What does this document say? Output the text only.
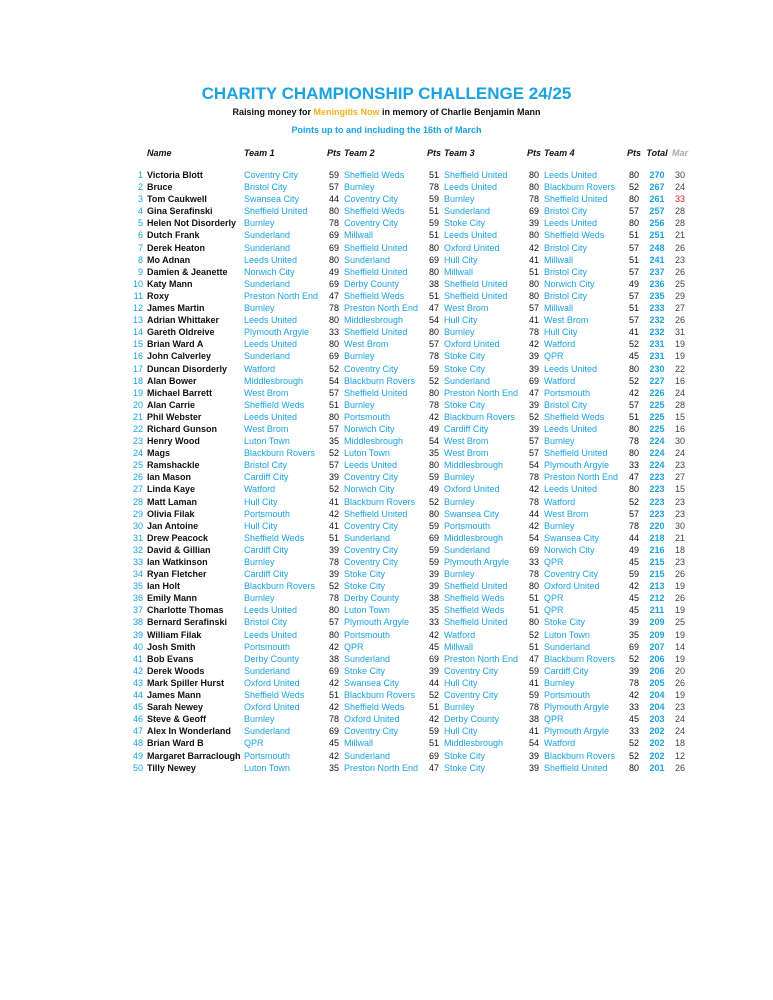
CHARITY CHAMPIONSHIP CHALLENGE 24/25
Raising money for Meningitis Now in memory of Charlie Benjamin Mann
Points up to and including the 16th of March
	Name	Team 1	Pts	Team 2	Pts	Team 3	Pts	Team 4	Pts	Total	Mar

1	Victoria Blott	Coventry City	59	Sheffield Weds	51	Sheffield United	80	Leeds United	80	270	30
2	Bruce	Bristol City	57	Burnley	78	Leeds United	80	Blackburn Rovers	52	267	24
3	Tom Caukwell	Swansea City	44	Coventry City	59	Burnley	78	Sheffield United	80	261	33
4	Gina Serafinski	Sheffield United	80	Sheffield Weds	51	Sunderland	69	Bristol City	57	257	28
5	Helen Not Disorderly	Burnley	78	Coventry City	59	Stoke City	39	Leeds United	80	256	28
6	Dutch Frank	Sunderland	69	Millwall	51	Leeds United	80	Sheffield Weds	51	251	21
7	Derek Heaton	Sunderland	69	Sheffield United	80	Oxford United	42	Bristol City	57	248	26
8	Mo Adnan	Leeds United	80	Sunderland	69	Hull City	41	Millwall	51	241	23
9	Damien & Jeanette	Norwich City	49	Sheffield United	80	Millwall	51	Bristol City	57	237	26
10	Katy Mann	Sunderland	69	Derby County	38	Sheffield United	80	Norwich City	49	236	25
11	Roxy	Preston North End	47	Sheffield Weds	51	Sheffield United	80	Bristol City	57	235	29
12	James Martin	Burnley	78	Preston North End	47	West Brom	57	Millwall	51	233	27
13	Adrian Whittaker	Leeds United	80	Middlesbrough	54	Hull City	41	West Brom	57	232	26
14	Gareth Oldreive	Plymouth Argyle	33	Sheffield United	80	Burnley	78	Hull City	41	232	31
15	Brian Ward A	Leeds United	80	West Brom	57	Oxford United	42	Watford	52	231	19
16	John Calverley	Sunderland	69	Burnley	78	Stoke City	39	QPR	45	231	19
17	Duncan Disorderly	Watford	52	Coventry City	59	Stoke City	39	Leeds United	80	230	22
18	Alan Bower	Middlesbrough	54	Blackburn Rovers	52	Sunderland	69	Watford	52	227	16
19	Michael Barrett	West Brom	57	Sheffield United	80	Preston North End	47	Portsmouth	42	226	24
20	Alan Carrie	Sheffield Weds	51	Burnley	78	Stoke City	39	Bristol City	57	225	28
21	Phil Webster	Leeds United	80	Portsmouth	42	Blackburn Rovers	52	Sheffield Weds	51	225	15
22	Richard Gunson	West Brom	57	Norwich City	49	Cardiff City	39	Leeds United	80	225	16
23	Henry Wood	Luton Town	35	Middlesbrough	54	West Brom	57	Burnley	78	224	30
24	Mags	Blackburn Rovers	52	Luton Town	35	West Brom	57	Sheffield United	80	224	24
25	Ramshackle	Bristol City	57	Leeds United	80	Middlesbrough	54	Plymouth Argyle	33	224	23
26	Ian Mason	Cardiff City	39	Coventry City	59	Burnley	78	Preston North End	47	223	27
27	Linda Kaye	Watford	52	Norwich City	49	Oxford United	42	Leeds United	80	223	15
28	Matt Laman	Hull City	41	Blackburn Rovers	52	Burnley	78	Watford	52	223	23
29	Olivia Filak	Portsmouth	42	Sheffield United	80	Swansea City	44	West Brom	57	223	23
30	Jan Antoine	Hull City	41	Coventry City	59	Portsmouth	42	Burnley	78	220	30
31	Drew Peacock	Sheffield Weds	51	Sunderland	69	Middlesbrough	54	Swansea City	44	218	21
32	David & Gillian	Cardiff City	39	Coventry City	59	Sunderland	69	Norwich City	49	216	18
33	Ian Watkinson	Burnley	78	Coventry City	59	Plymouth Argyle	33	QPR	45	215	23
34	Ryan Fletcher	Cardiff City	39	Stoke City	39	Burnley	78	Coventry City	59	215	26
35	Ian Holt	Blackburn Rovers	52	Stoke City	39	Sheffield United	80	Oxford United	42	213	19
36	Emily Mann	Burnley	78	Derby County	38	Sheffield Weds	51	QPR	45	212	26
37	Charlotte Thomas	Leeds United	80	Luton Town	35	Sheffield Weds	51	QPR	45	211	19
38	Bernard Serafinski	Bristol City	57	Plymouth Argyle	33	Sheffield United	80	Stoke City	39	209	25
39	William Filak	Leeds United	80	Portsmouth	42	Watford	52	Luton Town	35	209	19
40	Josh Smith	Portsmouth	42	QPR	45	Millwall	51	Sunderland	69	207	14
41	Bob Evans	Derby County	38	Sunderland	69	Preston North End	47	Blackburn Rovers	52	206	19
42	Derek Woods	Sunderland	69	Stoke City	39	Coventry City	59	Cardiff City	39	206	20
43	Mark Spiller Hurst	Oxford United	42	Swansea City	44	Hull City	41	Burnley	78	205	26
44	James Mann	Sheffield Weds	51	Blackburn Rovers	52	Coventry City	59	Portsmouth	42	204	19
45	Sarah Newey	Oxford United	42	Sheffield Weds	51	Burnley	78	Plymouth Argyle	33	204	23
46	Steve & Geoff	Burnley	78	Oxford United	42	Derby County	38	QPR	45	203	24
47	Alex In Wonderland	Sunderland	69	Coventry City	59	Hull City	41	Plymouth Argyle	33	202	24
48	Brian Ward B	QPR	45	Millwall	51	Middlesbrough	54	Watford	52	202	18
49	Margaret Barraclough	Portsmouth	42	Sunderland	69	Stoke City	39	Blackburn Rovers	52	202	12
50	Tilly Newey	Luton Town	35	Preston North End	47	Stoke City	39	Sheffield United	80	201	26
